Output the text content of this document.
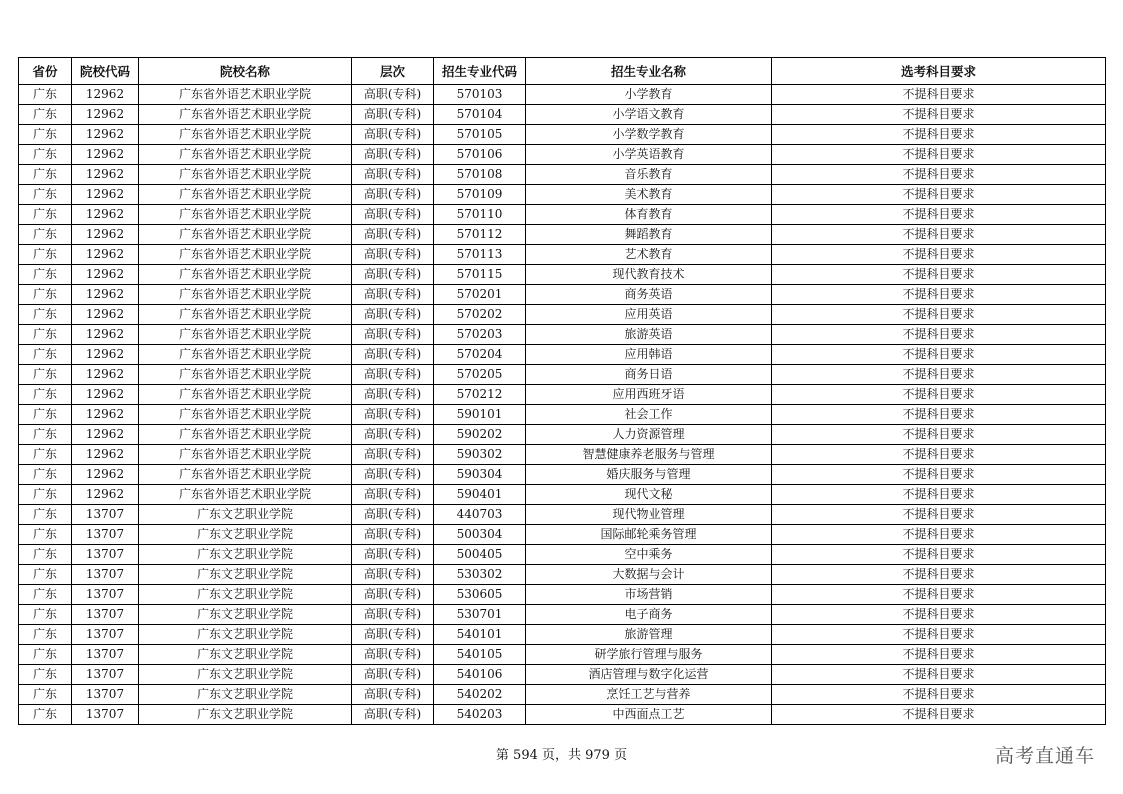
省份	院校代码	院校名称	层次	招生专业代码	招生专业名称	选考科目要求
广东	12962	广东省外语艺术职业学院	高职(专科)	570103	小学教育	不提科目要求
广东	12962	广东省外语艺术职业学院	高职(专科)	570104	小学语文教育	不提科目要求
广东	12962	广东省外语艺术职业学院	高职(专科)	570105	小学数学教育	不提科目要求
广东	12962	广东省外语艺术职业学院	高职(专科)	570106	小学英语教育	不提科目要求
广东	12962	广东省外语艺术职业学院	高职(专科)	570108	音乐教育	不提科目要求
广东	12962	广东省外语艺术职业学院	高职(专科)	570109	美术教育	不提科目要求
广东	12962	广东省外语艺术职业学院	高职(专科)	570110	体育教育	不提科目要求
广东	12962	广东省外语艺术职业学院	高职(专科)	570112	舞蹈教育	不提科目要求
广东	12962	广东省外语艺术职业学院	高职(专科)	570113	艺术教育	不提科目要求
广东	12962	广东省外语艺术职业学院	高职(专科)	570115	现代教育技术	不提科目要求
广东	12962	广东省外语艺术职业学院	高职(专科)	570201	商务英语	不提科目要求
广东	12962	广东省外语艺术职业学院	高职(专科)	570202	应用英语	不提科目要求
广东	12962	广东省外语艺术职业学院	高职(专科)	570203	旅游英语	不提科目要求
广东	12962	广东省外语艺术职业学院	高职(专科)	570204	应用韩语	不提科目要求
广东	12962	广东省外语艺术职业学院	高职(专科)	570205	商务日语	不提科目要求
广东	12962	广东省外语艺术职业学院	高职(专科)	570212	应用西班牙语	不提科目要求
广东	12962	广东省外语艺术职业学院	高职(专科)	590101	社会工作	不提科目要求
广东	12962	广东省外语艺术职业学院	高职(专科)	590202	人力资源管理	不提科目要求
广东	12962	广东省外语艺术职业学院	高职(专科)	590302	智慧健康养老服务与管理	不提科目要求
广东	12962	广东省外语艺术职业学院	高职(专科)	590304	婚庆服务与管理	不提科目要求
广东	12962	广东省外语艺术职业学院	高职(专科)	590401	现代文秘	不提科目要求
广东	13707	广东文艺职业学院	高职(专科)	440703	现代物业管理	不提科目要求
广东	13707	广东文艺职业学院	高职(专科)	500304	国际邮轮乘务管理	不提科目要求
广东	13707	广东文艺职业学院	高职(专科)	500405	空中乘务	不提科目要求
广东	13707	广东文艺职业学院	高职(专科)	530302	大数据与会计	不提科目要求
广东	13707	广东文艺职业学院	高职(专科)	530605	市场营销	不提科目要求
广东	13707	广东文艺职业学院	高职(专科)	530701	电子商务	不提科目要求
广东	13707	广东文艺职业学院	高职(专科)	540101	旅游管理	不提科目要求
广东	13707	广东文艺职业学院	高职(专科)	540105	研学旅行管理与服务	不提科目要求
广东	13707	广东文艺职业学院	高职(专科)	540106	酒店管理与数字化运营	不提科目要求
广东	13707	广东文艺职业学院	高职(专科)	540202	烹饪工艺与营养	不提科目要求
广东	13707	广东文艺职业学院	高职(专科)	540203	中西面点工艺	不提科目要求
第 594 页，共 979 页	高考直通车
